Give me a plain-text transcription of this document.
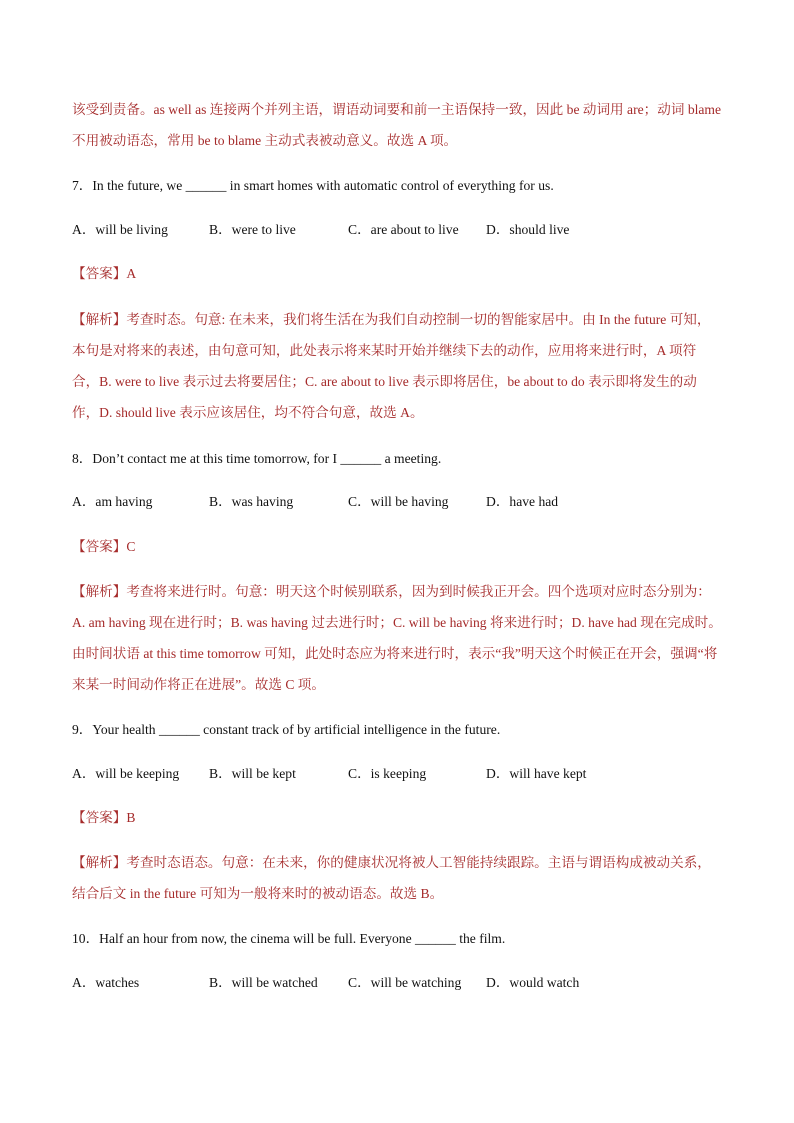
该受到责备。as well as 连接两个并列主语，谓语动词要和前一主语保持一致，因此 be 动词用 are；动词 blame
不用被动语态，常用 be to blame 主动式表被动意义。故选 A 项。
7．In the future, we ______ in smart homes with automatic control of everything for us.
A．will be living	B．were to live	C．are about to live D．should live
【答案】A
【解析】考查时态。句意: 在未来，我们将生活在为我们自动控制一切的智能家居中。由 In the future 可知，
本句是对将来的表述，由句意可知，此处表示将来某时开始并继续下去的动作，应用将来进行时，A 项符
合，B. were to live 表示过去将要居住；C. are about to live 表示即将居住，be about to do 表示即将发生的动
作，D. should live 表示应该居住，均不符合句意，故选 A。
8．Don’t contact me at this time tomorrow, for I ______ a meeting.
A．am having	B．was having	C．will be having	D．have had
【答案】C
【解析】考查将来进行时。句意：明天这个时候别联系，因为到时候我正开会。四个选项对应时态分别为：
A. am having 现在进行时；B. was having 过去进行时；C. will be having 将来进行时；D. have had 现在完成时。
由时间状语 at this time tomorrow 可知，此处时态应为将来进行时，表示“我”明天这个时候正在开会，强调“将
来某一时间动作将正在进展”。故选 C 项。
9．Your health ______ constant track of by artificial intelligence in the future.
A．will be keeping B．will be kept	C．is keeping	D．will have kept
【答案】B
【解析】考查时态语态。句意：在未来，你的健康状况将被人工智能持续跟踪。主语与谓语构成被动关系，
结合后文 in the future 可知为一般将来时的被动语态。故选 B。
10．Half an hour from now, the cinema will be full. Everyone ______ the film.
A．watches	B．will be watched C．will be watching D．would watch
